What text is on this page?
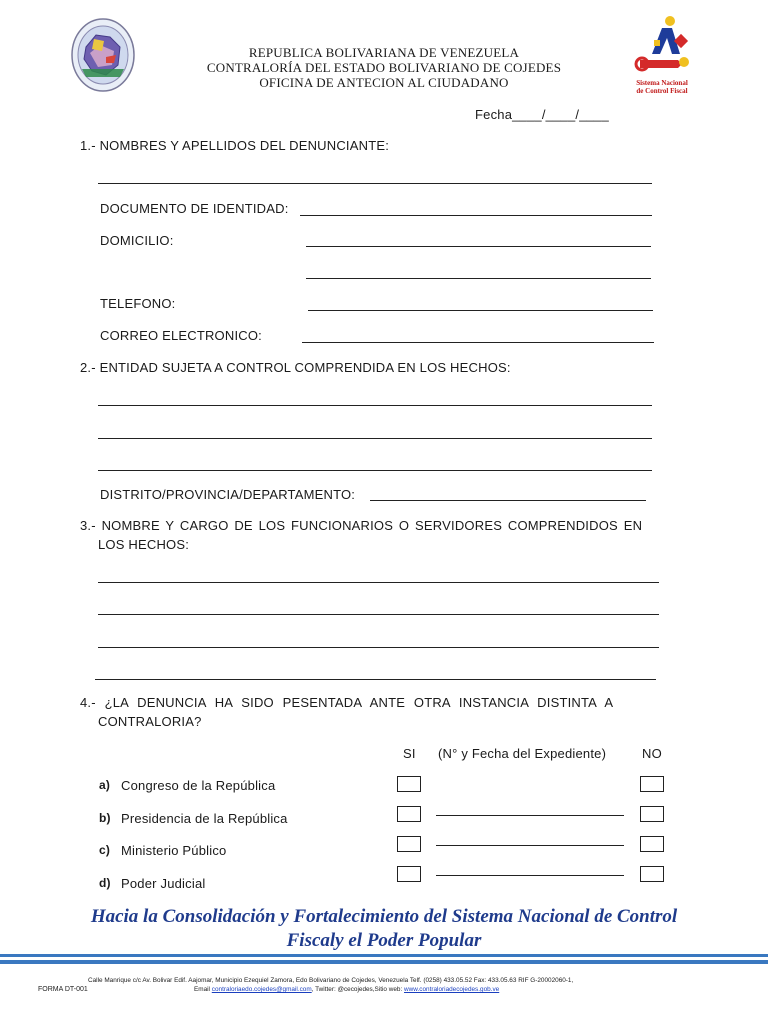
Sistema Nacional
de Control Fiscal
REPUBLICA BOLIVARIANA DE VENEZUELA
CONTRALORÍA DEL ESTADO BOLIVARIANO DE COJEDES
OFICINA DE ANTECION AL CIUDADANO
Fecha____/____/____
1.- NOMBRES Y APELLIDOS DEL DENUNCIANTE:
DOCUMENTO DE IDENTIDAD:
DOMICILIO:
TELEFONO:
CORREO ELECTRONICO:
2.- ENTIDAD SUJETA A CONTROL COMPRENDIDA EN LOS HECHOS:
DISTRITO/PROVINCIA/DEPARTAMENTO:
3.- NOMBRE Y CARGO DE LOS FUNCIONARIOS O SERVIDORES COMPRENDIDOS EN
LOS HECHOS:
4.- ¿LA DENUNCIA HA SIDO PESENTADA ANTE OTRA INSTANCIA DISTINTA A
CONTRALORIA?
SI (N° y Fecha del Expediente)	NO
a) Congreso de la República
b) Presidencia de la República
c) Ministerio Público
d) Poder Judicial
Hacia la Consolidación y Fortalecimiento del Sistema Nacional de Control
Fiscaly el Poder Popular
Calle Manrique c/c Av. Bolivar Edif. Aajomar, Municipio Ezequiel Zamora, Edo Bolivariano de Cojedes, Venezuela Telf. (0258) 433.05.52 Fax: 433.05.63 RIF G-20002060-1,
Email contraloriaedo.cojedes@gmail.com, Twitter: @cecojedes,Sitio web: www.contraloriadecojedes.gob.ve
FORMA DT-001
